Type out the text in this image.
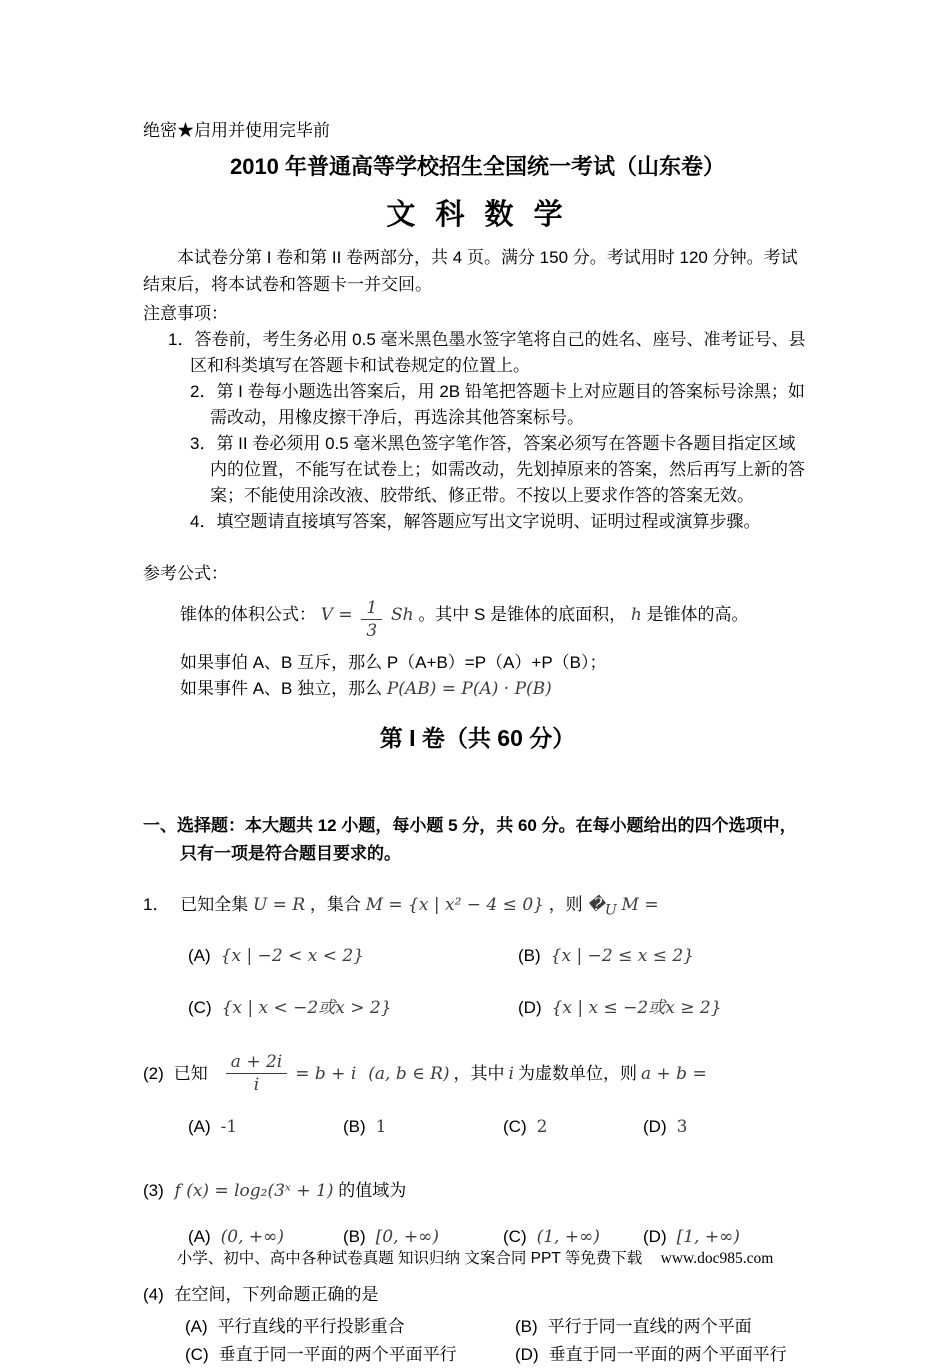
绝密★启用并使用完毕前
2010 年普通高等学校招生全国统一考试（山东卷）
文 科 数 学

本试卷分第 I 卷和第 II 卷两部分，共 4 页。满分 150 分。考试用时 120 分钟。考试结束后，将本试卷和答题卡一并交回。

注意事项：
1．答卷前，考生务必用 0.5 毫米黑色墨水签字笔将自己的姓名、座号、准考证号、县区和科类填写在答题卡和试卷规定的位置上。
2．第 I 卷每小题选出答案后，用 2B 铅笔把答题卡上对应题目的答案标号涂黑；如需改动，用橡皮擦干净后，再选涂其他答案标号。
3．第 II 卷必须用 0.5 毫米黑色签字笔作答，答案必须写在答题卡各题目指定区域内的位置，不能写在试卷上；如需改动，先划掉原来的答案，然后再写上新的答案；不能使用涂改液、胶带纸、修正带。不按以上要求作答的答案无效。
4．填空题请直接填写答案，解答题应写出文字说明、证明过程或演算步骤。
参考公式：
锥体的体积公式： $V = \frac{1}{3}$ Sh 。其中 S 是锥体的底面积， h 是锥体的高。
如果事伯 A、B 互斥，那么 P（A+B）=P（A）+P（B）；
如果事件 A、B 独立，那么 P(AB) = P(A) · P(B)
第 I 卷（共 60 分）
一、选择题：本大题共 12 小题，每小题 5 分，共 60 分。在每小题给出的四个选项中，只有一项是符合题目要求的。
1． 已知全集 U = R ，集合 M = {x | x² − 4 ≤ 0} ，则 $�_U$ M =
(A) {x | −2 < x < 2}	(B) {x | −2 ≤ x ≤ 2}
(C) {x | x < −2或x > 2}	(D) {x | x ≤ −2或x ≥ 2}
(2) 已知 $\frac{a + 2i}{i} = b + i$ (a, b ∈ R) ，其中 i 为虚数单位，则 a + b =
(A) -1	(B) 1	(C) 2	(D) 3
(3) f (x) = log₂(3ˣ + 1) 的值域为
(A) (0, +∞)	(B) [0, +∞)	(C) (1, +∞)	(D) [1, +∞)
(4) 在空间，下列命题正确的是
(A) 平行直线的平行投影重合	(B) 平行于同一直线的两个平面
(C) 垂直于同一平面的两个平面平行	(D) 垂直于同一平面的两个平面平行
小学、初中、高中各种试卷真题 知识归纳 文案合同 PPT 等免费下载 www.doc985.com
